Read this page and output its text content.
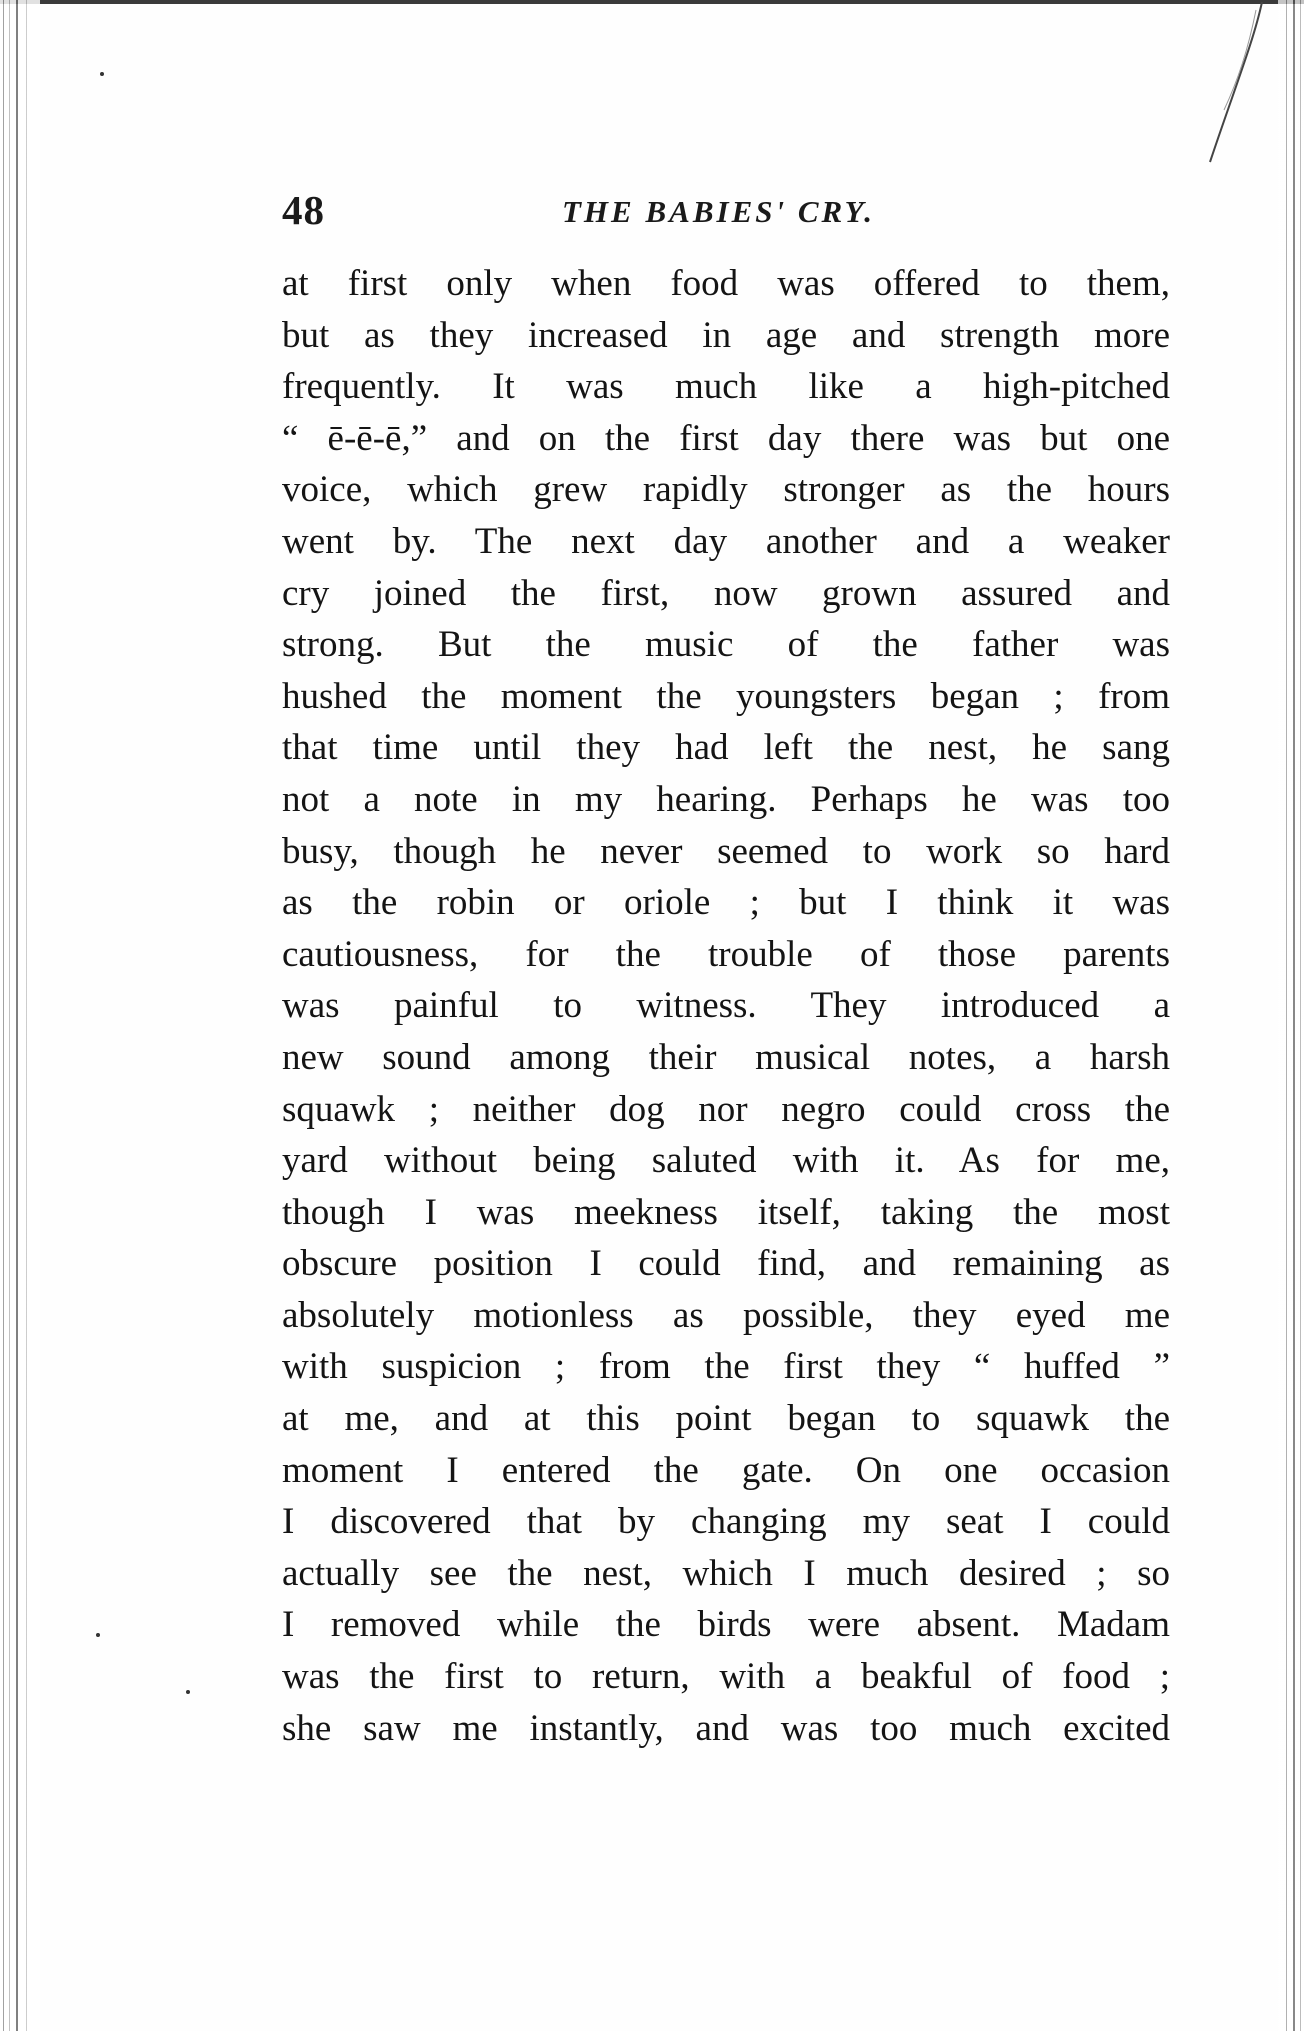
48	THE BABIES' CRY.
at first only when food was offered to them,
but as they increased in age and strength more
frequently. It was much like a high-pitched
“ ē-ē-ē,” and on the first day there was but one
voice, which grew rapidly stronger as the hours
went by. The next day another and a weaker
cry joined the first, now grown assured and
strong. But the music of the father was
hushed the moment the youngsters began ; from
that time until they had left the nest, he sang
not a note in my hearing. Perhaps he was too
busy, though he never seemed to work so hard
as the robin or oriole ; but I think it was
cautiousness, for the trouble of those parents
was painful to witness. They introduced a
new sound among their musical notes, a harsh
squawk ; neither dog nor negro could cross the
yard without being saluted with it. As for me,
though I was meekness itself, taking the most
obscure position I could find, and remaining as
absolutely motionless as possible, they eyed me
with suspicion ; from the first they “ huffed ”
at me, and at this point began to squawk the
moment I entered the gate. On one occasion
I discovered that by changing my seat I could
actually see the nest, which I much desired ; so
I removed while the birds were absent. Madam
was the first to return, with a beakful of food ;
she saw me instantly, and was too much excited
